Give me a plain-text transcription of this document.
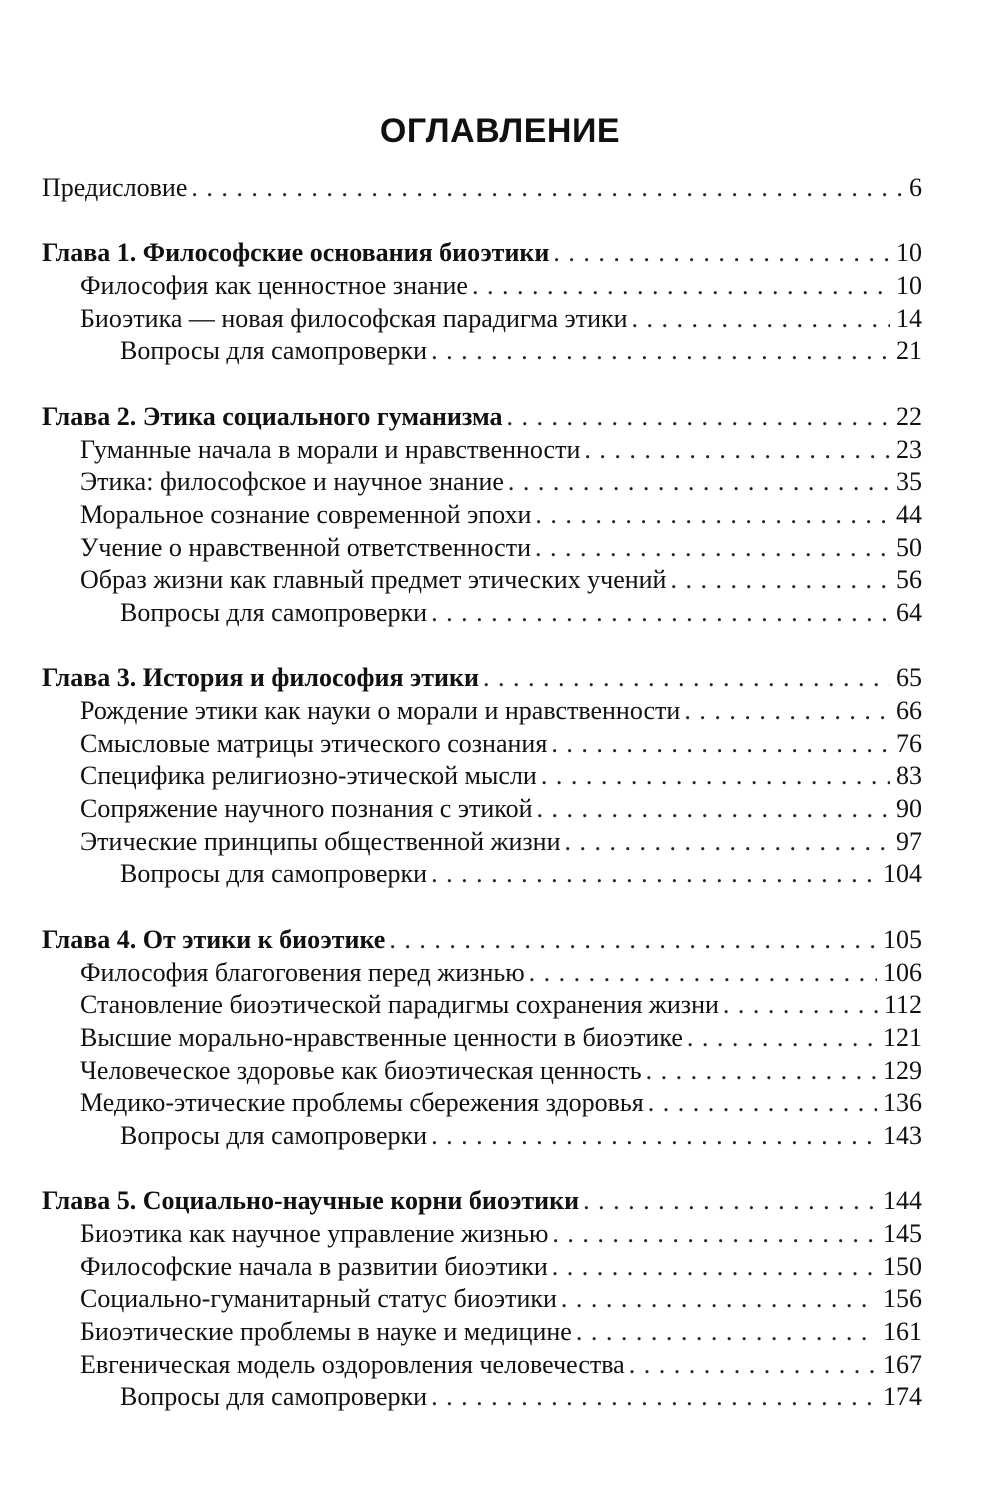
ОГЛАВЛЕНИЕ
Предисловие . . .	6
Глава 1. Философские основания биоэтики . . .	10
Философия как ценностное знание . . .	10
Биоэтика — новая философская парадигма этики . . .	14
Вопросы для самопроверки . . .	21
Глава 2. Этика социального гуманизма . . .	22
Гуманные начала в морали и нравственности . . .	23
Этика: философское и научное знание . . .	35
Моральное сознание современной эпохи . . .	44
Учение о нравственной ответственности . . .	50
Образ жизни как главный предмет этических учений . . .	56
Вопросы для самопроверки . . .	64
Глава 3. История и философия этики . . .	65
Рождение этики как науки о морали и нравственности . . .	66
Смысловые матрицы этического сознания . . .	76
Специфика религиозно-этической мысли . . .	83
Сопряжение научного познания с этикой . . .	90
Этические принципы общественной жизни . . .	97
Вопросы для самопроверки . . .	104
Глава 4. От этики к биоэтике . . .	105
Философия благоговения перед жизнью . . .	106
Становление биоэтической парадигмы сохранения жизни . . .	112
Высшие морально-нравственные ценности в биоэтике . . .	121
Человеческое здоровье как биоэтическая ценность . . .	129
Медико-этические проблемы сбережения здоровья . . .	136
Вопросы для самопроверки . . .	143
Глава 5. Социально-научные корни биоэтики . . .	144
Биоэтика как научное управление жизнью . . .	145
Философские начала в развитии биоэтики . . .	150
Социально-гуманитарный статус биоэтики . . .	156
Биоэтические проблемы в науке и медицине . . .	161
Евгеническая модель оздоровления человечества . . .	167
Вопросы для самопроверки . . .	174
